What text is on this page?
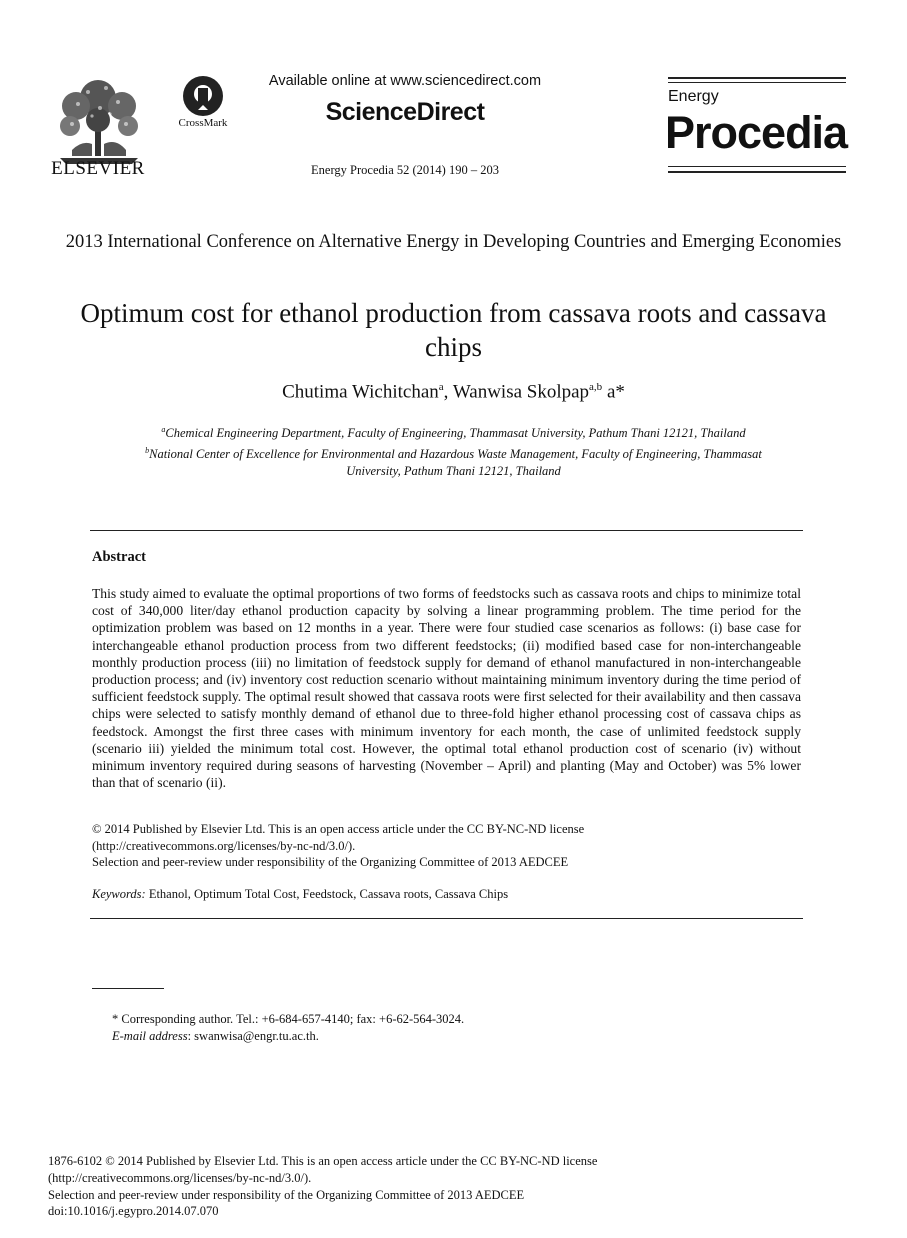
ELSEVIER
CrossMark
Available online at www.sciencedirect.com
ScienceDirect
Energy Procedia 52 (2014) 190 – 203
Energy
Procedia
2013 International Conference on Alternative Energy in Developing Countries and Emerging Economies
Optimum cost for ethanol production from cassava roots and cassava chips
Chutima Wichitchan$^a$, Wanwisa Skolpap$^{a,b}$ a*
$^a$Chemical Engineering Department, Faculty of Engineering, Thammasat University, Pathum Thani 12121, Thailand
$^b$National Center of Excellence for Environmental and Hazardous Waste Management, Faculty of Engineering, Thammasat University, Pathum Thani 12121, Thailand
Abstract
This study aimed to evaluate the optimal proportions of two forms of feedstocks such as cassava roots and chips to minimize total cost of 340,000 liter/day ethanol production capacity by solving a linear programming problem. The time period for the optimization problem was based on 12 months in a year. There were four studied case scenarios as follows: (i) base case for interchangeable ethanol production process from two different feedstocks; (ii) modified based case for non-interchangeable monthly production process (iii) no limitation of feedstock supply for demand of ethanol manufactured in non-interchangeable production process; and (iv) inventory cost reduction scenario without maintaining minimum inventory during the time period of sufficient feedstock supply. The optimal result showed that cassava roots were first selected for their availability and then cassava chips were selected to satisfy monthly demand of ethanol due to three-fold higher ethanol processing cost of cassava chips as feedstock. Amongst the first three cases with minimum inventory for each month, the case of unlimited feedstock supply (scenario iii) yielded the minimum total cost. However, the optimal total ethanol production cost of scenario (iv) without minimum inventory required during seasons of harvesting (November – April) and planting (May and October) was 5% lower than that of scenario (ii).
© 2014 Published by Elsevier Ltd. This is an open access article under the CC BY-NC-ND license
(http://creativecommons.org/licenses/by-nc-nd/3.0/).
Selection and peer-review under responsibility of the Organizing Committee of 2013 AEDCEE
Keywords: Ethanol, Optimum Total Cost, Feedstock, Cassava roots, Cassava Chips
* Corresponding author. Tel.: +6-684-657-4140; fax: +6-62-564-3024.
E-mail address: swanwisa@engr.tu.ac.th.
1876-6102 © 2014 Published by Elsevier Ltd. This is an open access article under the CC BY-NC-ND license
(http://creativecommons.org/licenses/by-nc-nd/3.0/).
Selection and peer-review under responsibility of the Organizing Committee of 2013 AEDCEE
doi:10.1016/j.egypro.2014.07.070
